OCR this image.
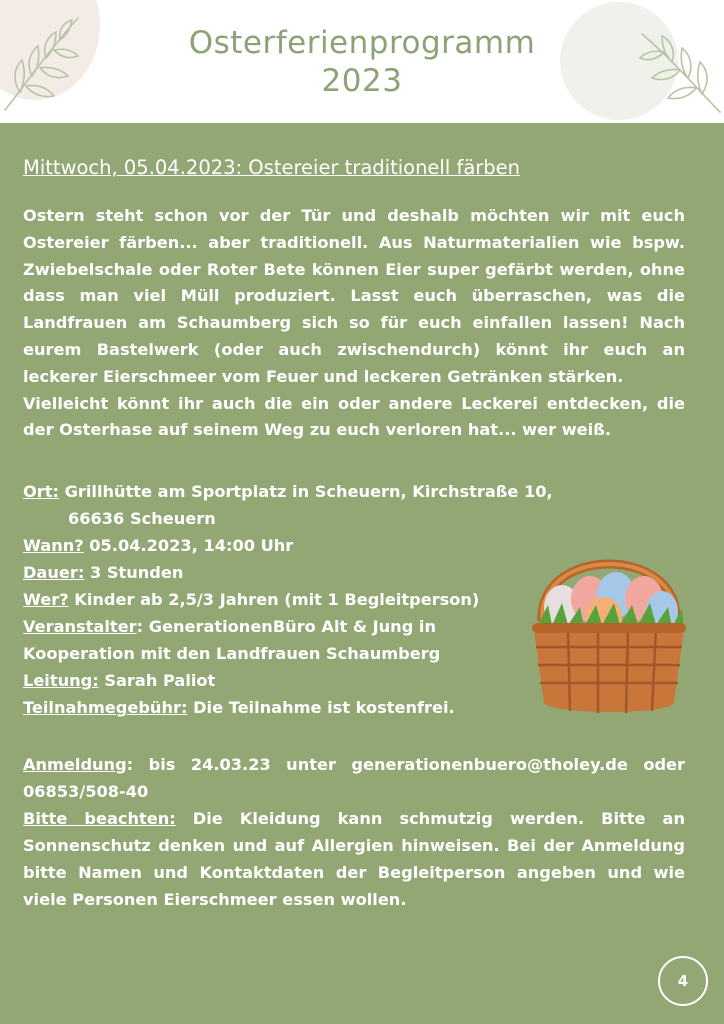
Osterferienprogramm
2023
Mittwoch, 05.04.2023: Ostereier traditionell färben

Ostern steht schon vor der Tür und deshalb möchten wir mit euch Ostereier färben... aber traditionell. Aus Naturmaterialien wie bspw. Zwiebelschale oder Roter Bete können Eier super gefärbt werden, ohne dass man viel Müll produziert. Lasst euch überraschen, was die Landfrauen am Schaumberg sich so für euch einfallen lassen! Nach eurem Bastelwerk (oder auch zwischendurch) könnt ihr euch an leckerer Eierschmeer vom Feuer und leckeren Getränken stärken.

Vielleicht könnt ihr auch die ein oder andere Leckerei entdecken, die der Osterhase auf seinem Weg zu euch verloren hat... wer weiß.

Ort: Grillhütte am Sportplatz in Scheuern, Kirchstraße 10,
66636 Scheuern
Wann? 05.04.2023, 14:00 Uhr
Dauer: 3 Stunden
Wer? Kinder ab 2,5/3 Jahren (mit 1 Begleitperson)
Veranstalter: GenerationenBüro Alt & Jung in
Kooperation mit den Landfrauen Schaumberg
Leitung: Sarah Paliot
Teilnahmegebühr: Die Teilnahme ist kostenfrei.

Anmeldung: bis 24.03.23 unter generationenbuero@tholey.de oder 06853/508-40

Bitte beachten: Die Kleidung kann schmutzig werden. Bitte an Sonnenschutz denken und auf Allergien hinweisen. Bei der Anmeldung bitte Namen und Kontaktdaten der Begleitperson angeben und wie viele Personen Eierschmeer essen wollen.

4
